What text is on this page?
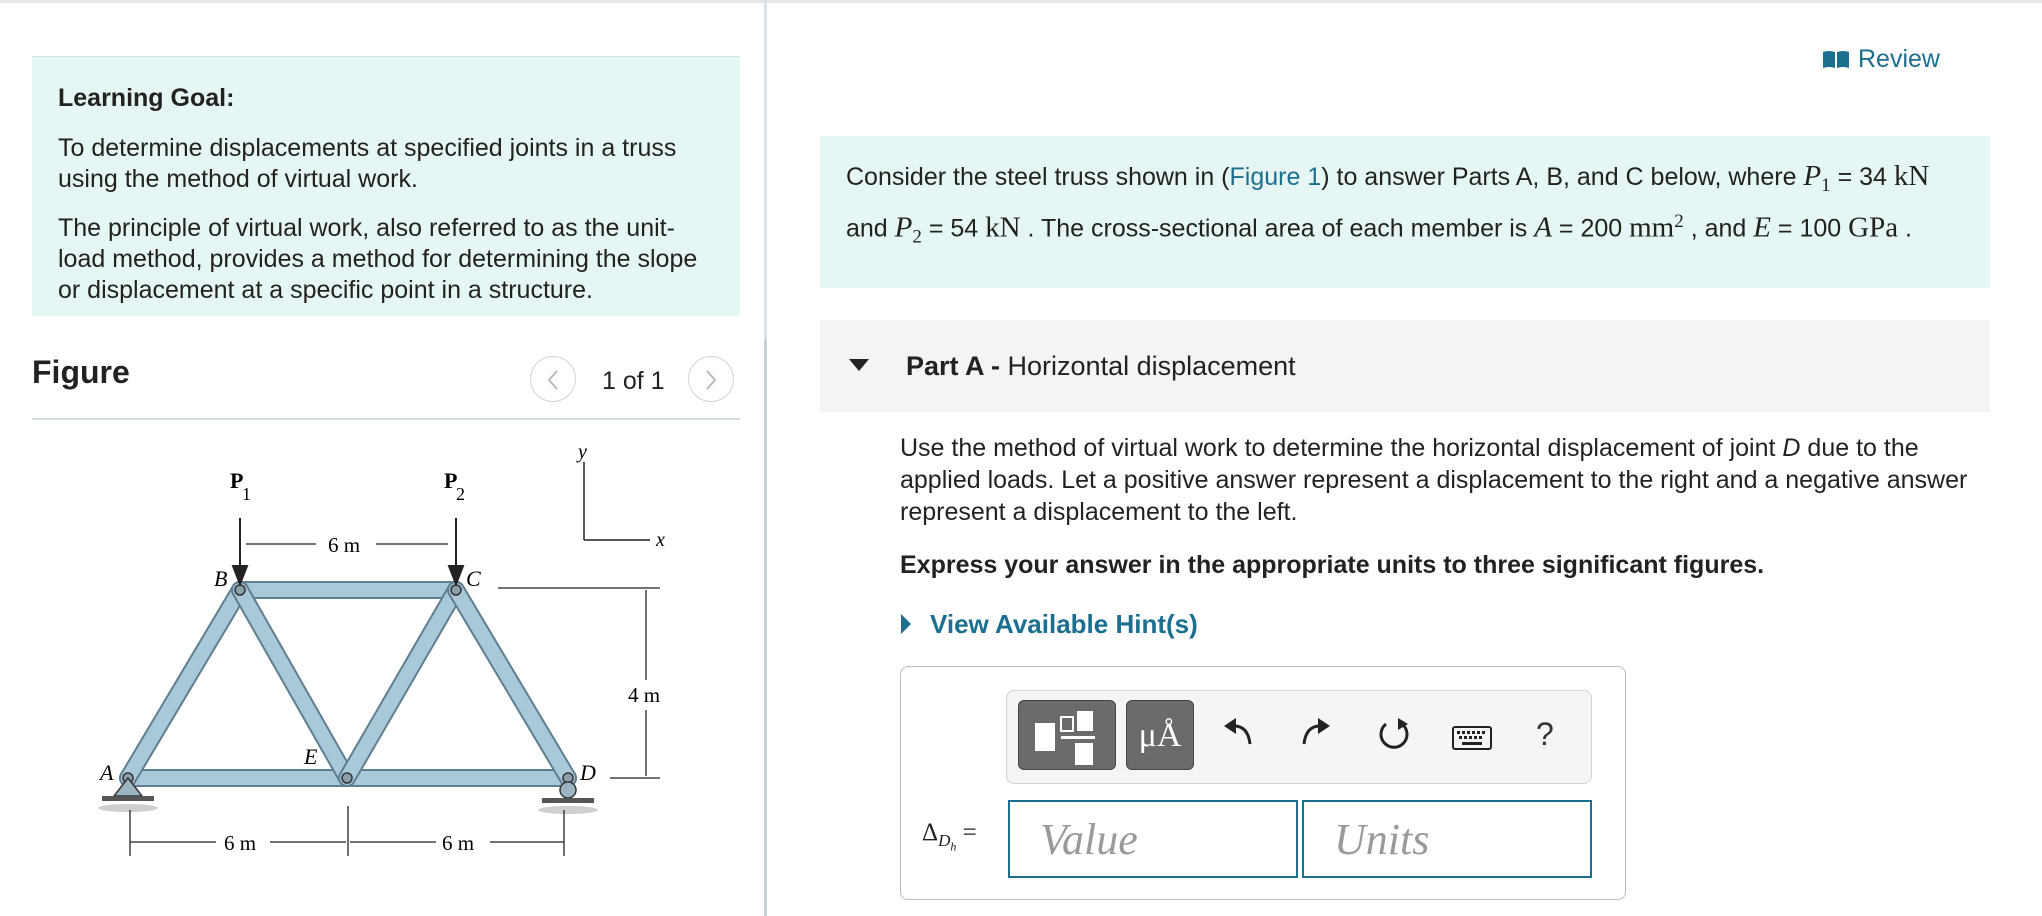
Learning Goal:

To determine displacements at specified joints in a truss using the method of virtual work.

The principle of virtual work, also referred to as the unit-load method, provides a method for determining the slope or displacement at a specific point in a structure.

Figure	1 of 1
P
1
P
2
y
x
A
B	C
D
E
6 m
4 m
6 m	6 m
Review
Consider the steel truss shown in (Figure 1) to answer Parts A, B, and C below, where $P_1 = 34$ kN and $P_2 = 54$ kN . The cross-sectional area of each member is A = 200 $mm^2$ , and E = 100 GPa .
Part A - Horizontal displacement
Use the method of virtual work to determine the horizontal displacement of joint D due to the applied loads. Let a positive answer represent a displacement to the right and a negative answer represent a displacement to the left.
Express your answer in the appropriate units to three significant figures.
View Available Hint(s)
μÅ	?
$\Delta_{D_h}$ =
Value
Units
